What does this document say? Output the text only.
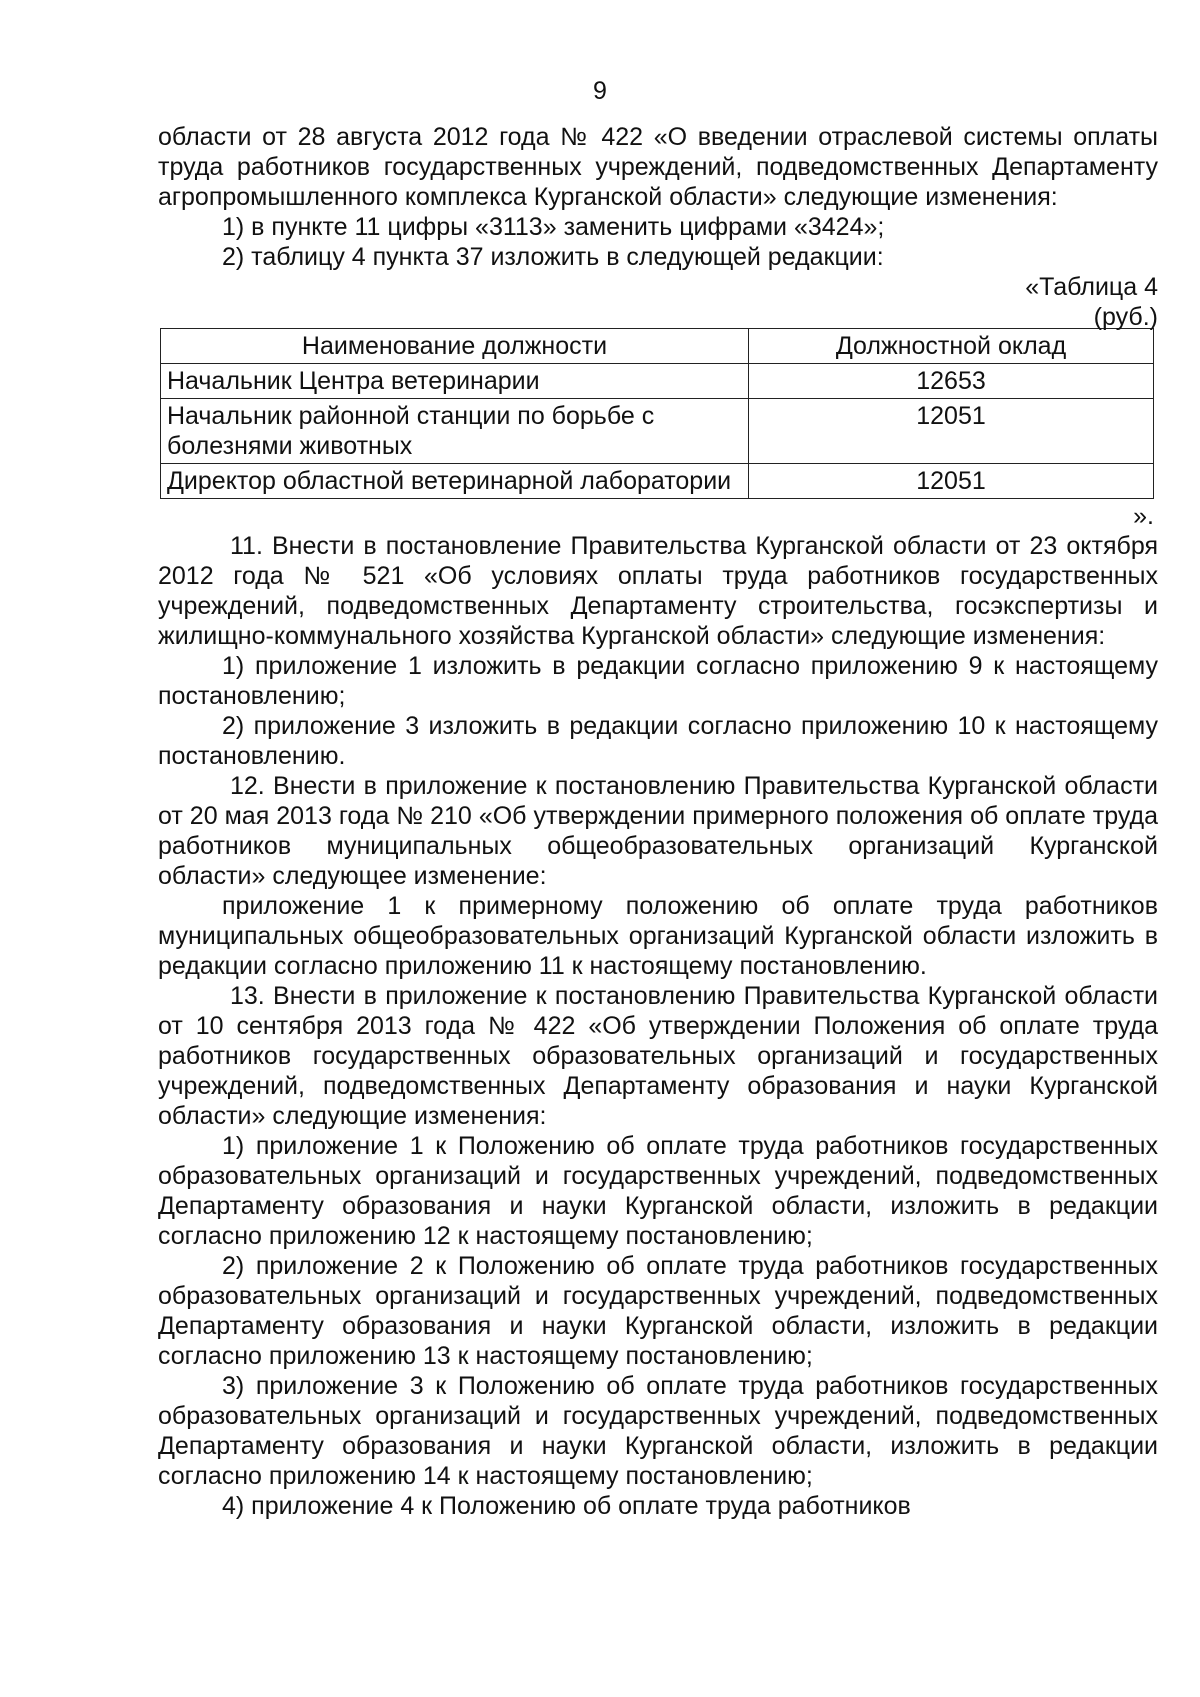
9

области от 28 августа 2012 года № 422 «О введении отраслевой системы оплаты труда работников государственных учреждений, подведомственных Департаменту агропромышленного комплекса Курганской области» следующие изменения:

1) в пункте 11 цифры «3113» заменить цифрами «3424»;

2) таблицу 4 пункта 37 изложить в следующей редакции:

«Таблица 4

(руб.)

Наименование должности	Должностной оклад
Начальник Центра ветеринарии	12653
Начальник районной станции по борьбе с болезнями животных	12051
Директор областной ветеринарной лаборатории	12051

».

11. Внести в постановление Правительства Курганской области от 23 октября 2012 года № 521 «Об условиях оплаты труда работников государственных учреждений, подведомственных Департаменту строительства, госэкспертизы и жилищно-коммунального хозяйства Курганской области» следующие изменения:

1) приложение 1 изложить в редакции согласно приложению 9 к настоящему постановлению;

2) приложение 3 изложить в редакции согласно приложению 10 к настоящему постановлению.

12. Внести в приложение к постановлению Правительства Курганской области от 20 мая 2013 года № 210 «Об утверждении примерного положения об оплате труда работников муниципальных общеобразовательных организаций Курганской области» следующее изменение:

приложение 1 к примерному положению об оплате труда работников муниципальных общеобразовательных организаций Курганской области изложить в редакции согласно приложению 11 к настоящему постановлению.

13. Внести в приложение к постановлению Правительства Курганской области от 10 сентября 2013 года № 422 «Об утверждении Положения об оплате труда работников государственных образовательных организаций и государственных учреждений, подведомственных Департаменту образования и науки Курганской области» следующие изменения:

1) приложение 1 к Положению об оплате труда работников государственных образовательных организаций и государственных учреждений, подведомственных Департаменту образования и науки Курганской области, изложить в редакции согласно приложению 12 к настоящему постановлению;

2) приложение 2 к Положению об оплате труда работников государственных образовательных организаций и государственных учреждений, подведомственных Департаменту образования и науки Курганской области, изложить в редакции согласно приложению 13 к настоящему постановлению;

3) приложение 3 к Положению об оплате труда работников государственных образовательных организаций и государственных учреждений, подведомственных Департаменту образования и науки Курганской области, изложить в редакции согласно приложению 14 к настоящему постановлению;

4) приложение 4 к Положению об оплате труда работников
